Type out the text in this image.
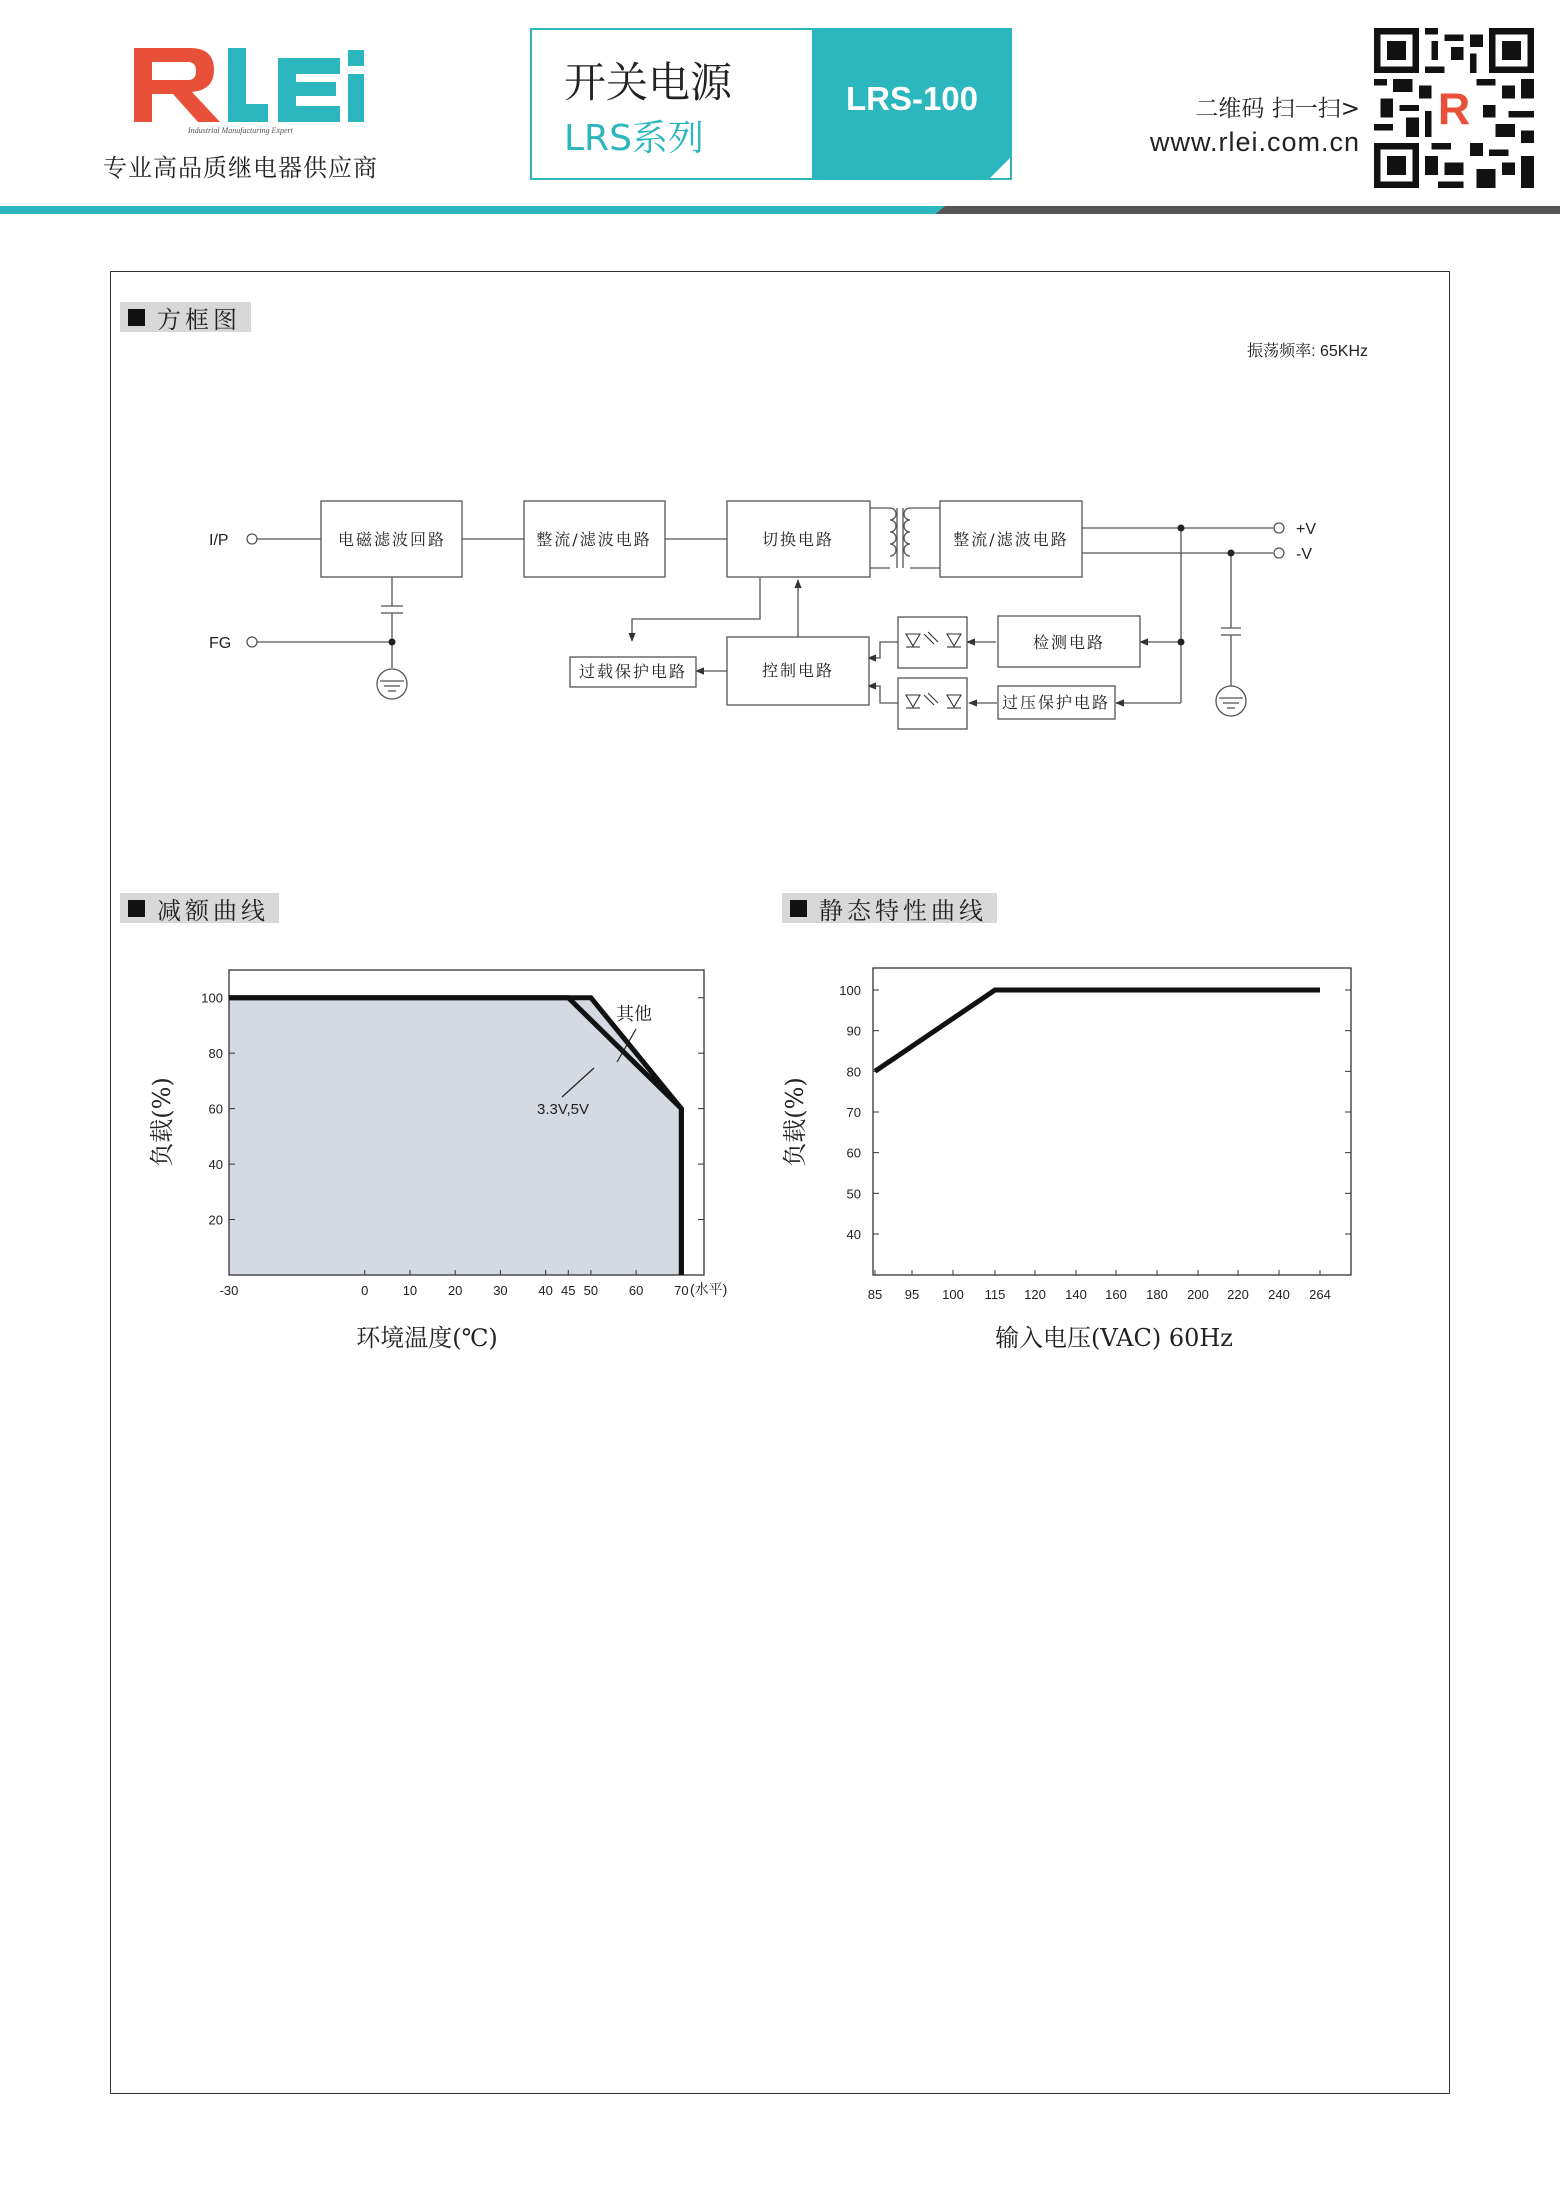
Industrial Manufacturing Expert
专业高品质继电器供应商
开关电源
LRS系列
LRS-100	二维码 扫一扫>
www.rlei.com.cn
R
方框图
减额曲线	静态特性曲线
电磁滤波回路	整流/滤波电路	切换电路	整流/滤波电路
过载保护电路	控制电路
检测电路
过压保护电路
I/P
FG
+V
-V
振荡频率: 65KHz
20
40
60
80
100
-30	0	10 20 30 40 45 50 60 70 (水平)
其他
3.3V,5V
环境温度(℃)
负载(%)
40
50
60
70
80
90
100
85 95 100 115 120 140 160 180 200 220 240 264
输入电压(VAC) 60Hz
负载(%)
